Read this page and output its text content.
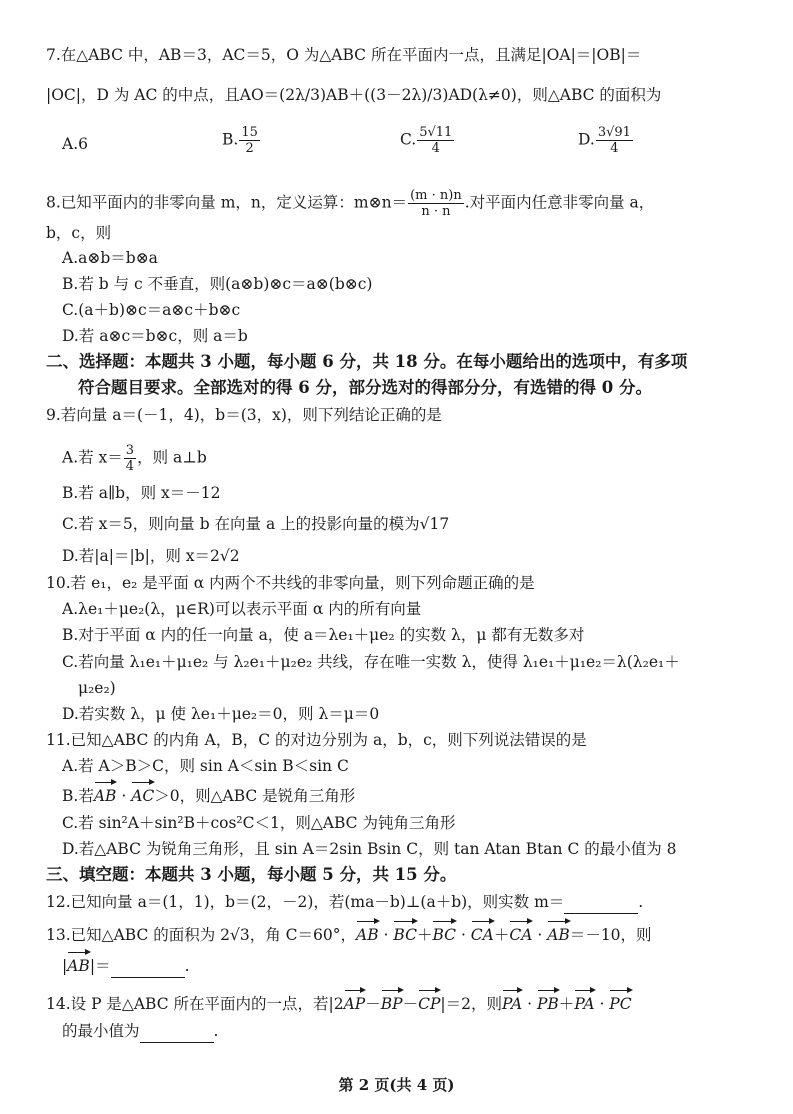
7.在△ABC 中，AB＝3，AC＝5，O 为△ABC 所在平面内一点，且满足|OA|＝|OB|＝
|OC|，D 为 AC 的中点，且AO＝(2λ/3)AB＋((3－2λ)/3)AD(λ≠0)，则△ABC 的面积为
A.6	B. $\frac{15}{2}$	C. $\frac{5√11}{4}$	D. $\frac{3√91}{4}$
8.已知平面内的非零向量 m，n，定义运算：m⊗n＝ $\frac{(m \cdot n)n}{n \cdot n}$ .对平面内任意非零向量 a，
b，c，则
A.a⊗b＝b⊗a
B.若 b 与 c 不垂直，则(a⊗b)⊗c＝a⊗(b⊗c)
C.(a＋b)⊗c＝a⊗c＋b⊗c
D.若 a⊗c＝b⊗c，则 a＝b
二、选择题：本题共 3 小题，每小题 6 分，共 18 分。在每小题给出的选项中，有多项
符合题目要求。全部选对的得 6 分，部分选对的得部分分，有选错的得 0 分。
9.若向量 a＝(－1，4)，b＝(3，x)，则下列结论正确的是
A.若 $x= \frac{3}{4}$ ，则 a⊥b
B.若 a∥b，则 x＝－12
C.若 x＝5，则向量 b 在向量 a 上的投影向量的模为√17
D.若|a|＝|b|，则 x＝2√2
10.若 e₁，e₂ 是平面 α 内两个不共线的非零向量，则下列命题正确的是
A.λe₁＋μe₂(λ，μ∈R)可以表示平面 α 内的所有向量
B.对于平面 α 内的任一向量 a，使 a＝λe₁＋μe₂ 的实数 λ，μ 都有无数多对
C.若向量 λ₁e₁＋μ₁e₂ 与 λ₂e₁＋μ₂e₂ 共线，存在唯一实数 λ，使得 λ₁e₁＋μ₁e₂＝λ(λ₂e₁＋
μ₂e₂)
D.若实数 λ，μ 使 λe₁＋μe₂＝0，则 λ＝μ＝0
11.已知△ABC 的内角 A，B，C 的对边分别为 a，b，c，则下列说法错误的是
A.若 A＞B＞C，则 sin A＜sin B＜sin C
B.若AB · AC＞0，则△ABC 是锐角三角形
C.若 sin²A＋sin²B＋cos²C＜1，则△ABC 为钝角三角形
D.若△ABC 为锐角三角形，且 sin A＝2sin Bsin C，则 tan Atan Btan C 的最小值为 8
三、填空题：本题共 3 小题，每小题 5 分，共 15 分。
12.已知向量 a＝(1，1)，b＝(2，－2)，若(ma－b)⊥(a＋b)，则实数 m＝	.
13.已知△ABC 的面积为 2√3，角 C＝60°，AB · BC＋BC · CA＋CA · AB＝－10，则
|AB|＝	.
14.设 P 是△ABC 所在平面内的一点，若|2AP－BP－CP|＝2，则PA · PB＋PA · PC
的最小值为	.
第 2 页(共 4 页)
